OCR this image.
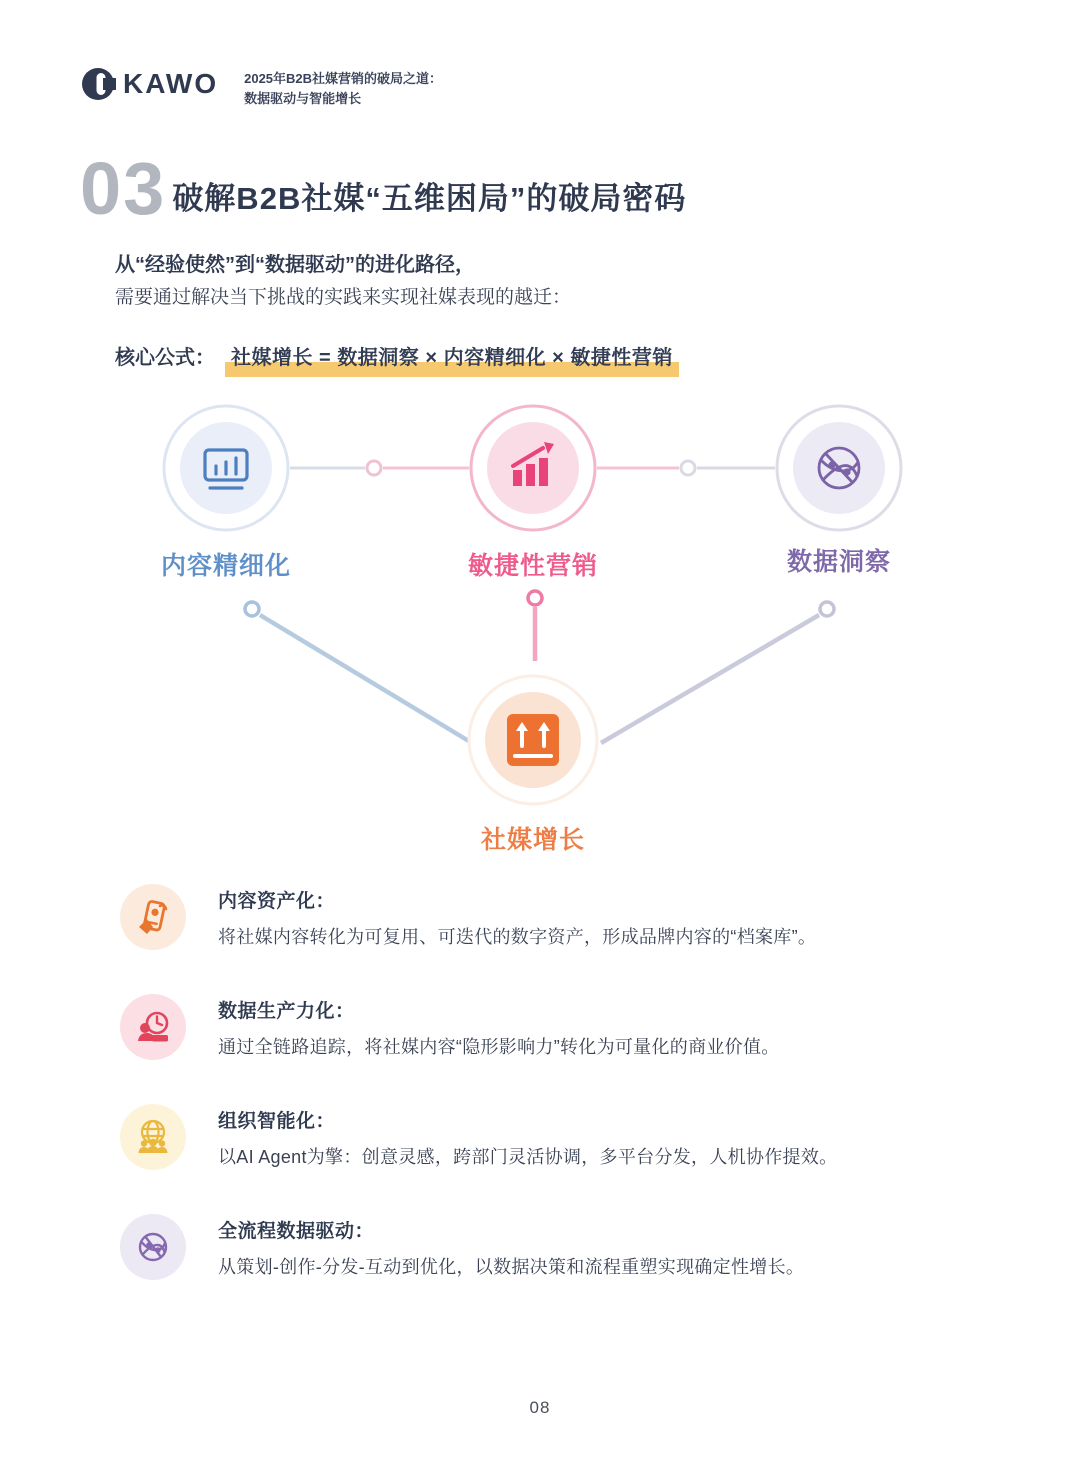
KAWO 2025年B2B社媒营销的破局之道：
数据驱动与智能增长
03 破解B2B社媒“五维困局”的破局密码
从“经验使然”到“数据驱动”的进化路径，
需要通过解决当下挑战的实践来实现社媒表现的越迁：
核心公式： 社媒增长 = 数据洞察 × 内容精细化 × 敏捷性营销
内容精细化	敏捷性营销	数据洞察
社媒增长
内容资产化：
将社媒内容转化为可复用、可迭代的数字资产，形成品牌内容的“档案库”。
数据生产力化：
通过全链路追踪，将社媒内容“隐形影响力”转化为可量化的商业价值。
组织智能化：
以AI Agent为擎：创意灵感，跨部门灵活协调，多平台分发，人机协作提效。
全流程数据驱动：
从策划-创作-分发-互动到优化，以数据决策和流程重塑实现确定性增长。
08
